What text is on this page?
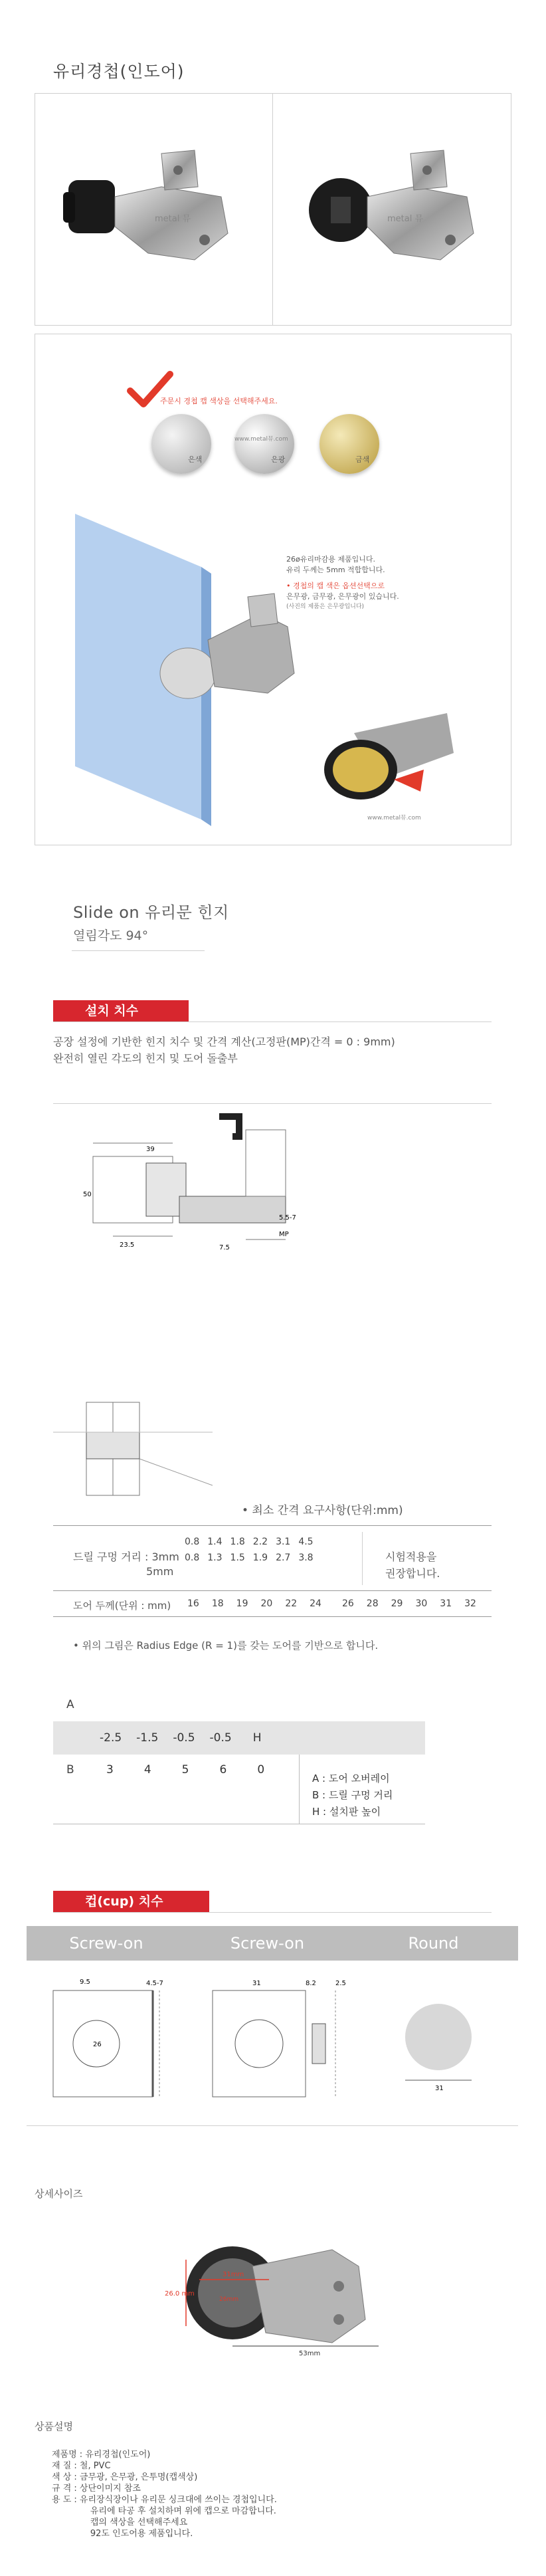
유리경첩(인도어)
metal 뮤	metal 뮤
주문시 경첩 캡 색상을 선택해주세요.
은색	은광
www.metal뮤.com
금색
26ø유리마감용 제품입니다.
유리 두께는 5mm 적합합니다.
• 경첩의 캡 색은 옵션선택으로
은무광, 금무광, 은무광이 있습니다.
(사진의 제품은 은무광입니다)
www.metal뮤.com
Slide on 유리문 힌지
열림각도 94°
설치 치수
공장 설정에 기반한 힌지 치수 및 간격 계산(고정판(MP)간격 = 0 : 9mm)
완전히 열린 각도의 힌지 및 도어 돌출부
39
50
23.5	7.5
5.5-7
MP
• 최소 간격 요구사항(단위:mm)
드릴 구멍 거리 : 3mm
5mm
0.8	1.4	1.8	2.2	3.1	4.5
0.8	1.3	1.5	1.9	2.7	3.8	시험적용을
권장합니다.
도어 두께(단위 : mm) 16 18 19 20 22 24 26 28 29 30 31 32
• 위의 그림은 Radius Edge (R = 1)를 갖는 도어를 기반으로 합니다.
A
-2.5 -1.5 -0.5 -0.5 H
B	3	4	5	6	0
A : 도어 오버레이
B : 드릴 구멍 거리
H : 설치판 높이
컵(cup) 치수
Screw-on	Screw-on	Round
4.5-7
9.5
26
31	8.2	2.5
31
상세사이즈
31mm
26.0 mm
53mm
26mm
상품설명
제품명 : 유리경첩(인도어)
재 질 : 철, PVC
색 상 : 금무광, 은무광, 은투명(캡색상)
규 격 : 상단이미지 참조
용 도 : 유리장식장이나 유리문 싱크대에 쓰이는 경첩입니다.
유리에 타공 후 설치하며 위에 캡으로 마감합니다.
캡의 색상을 선택해주세요
92도 인도어용 제품입니다.
